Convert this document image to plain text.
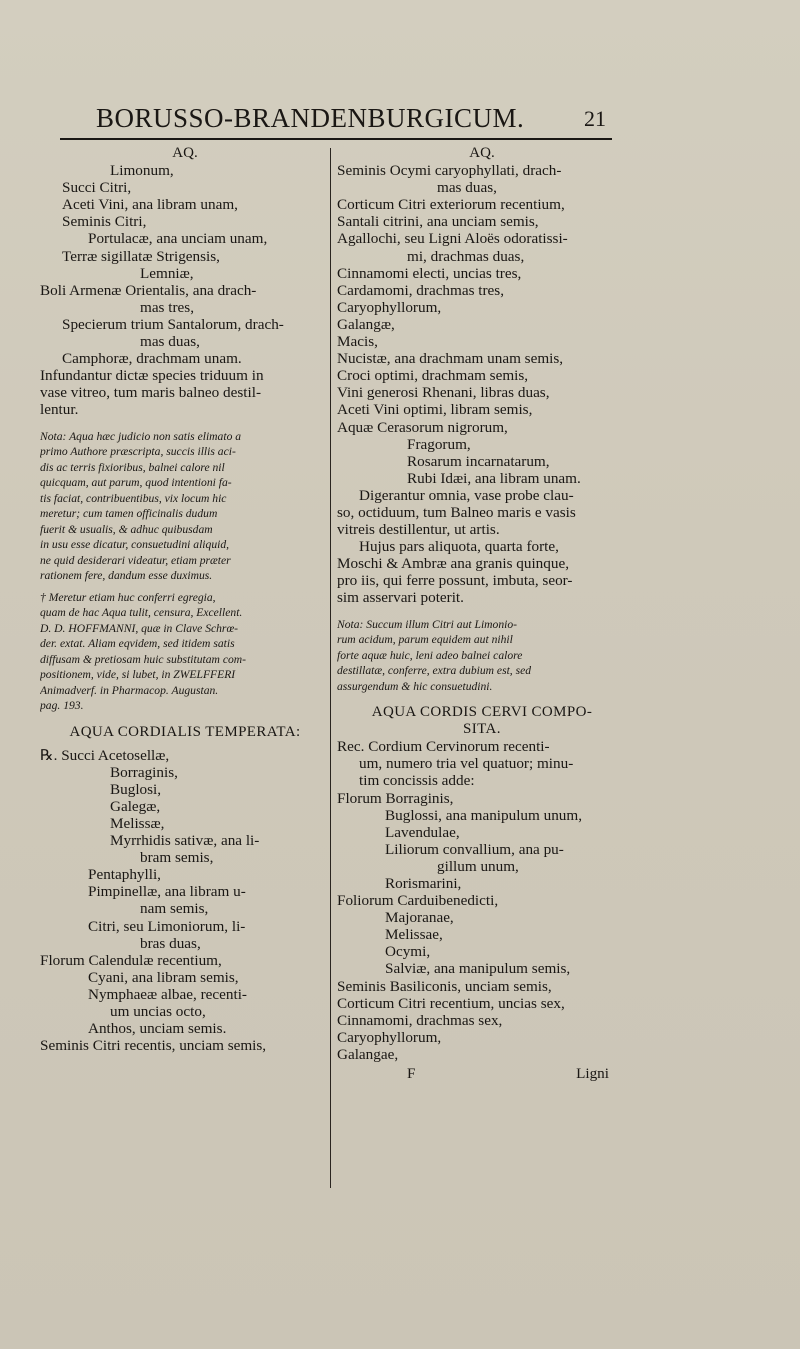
BORUSSO-BRANDENBURGICUM.	21
AQ.
Limonum,
Succi Citri,
Aceti Vini, ana libram unam,
Seminis Citri,
Portulacæ, ana unciam unam,
Terræ sigillatæ Strigensis,
Lemniæ,
Boli Armenæ Orientalis, ana drach-
mas tres,
Specierum trium Santalorum, drach-
mas duas,
Camphoræ, drachmam unam.
Infundantur dictæ species triduum in
vase vitreo, tum maris balneo destil-
lentur.
Nota: Aqua hæc judicio non satis elimato a
primo Authore præscripta, succis illis aci-
dis ac terris fixioribus, balnei calore nil
quicquam, aut parum, quod intentioni fa-
tis faciat, contribuentibus, vix locum hic
meretur; cum tamen officinalis dudum
fuerit & usualis, & adhuc quibusdam
in usu esse dicatur, consuetudini aliquid,
ne quid desiderari videatur, etiam præter
rationem fere, dandum esse duximus.
† Meretur etiam huc conferri egregia,
quam de hac Aqua tulit, censura, Excellent.
D. D. HOFFMANNI, quæ in Clave Schrœ-
der. extat. Aliam eqvidem, sed itidem satis
diffusam & pretiosam huic substitutam com-
positionem, vide, si lubet, in ZWELFFERI
Animadverf. in Pharmacop. Augustan.
pag. 193.
AQUA CORDIALIS TEMPERATA:
℞. Succi Acetosellæ,
Borraginis,
Buglosi,
Galegæ,
Melissæ,
Myrrhidis sativæ, ana li-
bram semis,
Pentaphylli,
Pimpinellæ, ana libram u-
nam semis,
Citri, seu Limoniorum, li-
bras duas,
Florum Calendulæ recentium,
Cyani, ana libram semis,
Nymphaeæ albae, recenti-
um uncias octo,
Anthos, unciam semis.
Seminis Citri recentis, unciam semis,
AQ.
Seminis Ocymi caryophyllati, drach-
mas duas,
Corticum Citri exteriorum recentium,
Santali citrini, ana unciam semis,
Agallochi, seu Ligni Aloës odoratissi-
mi, drachmas duas,
Cinnamomi electi, uncias tres,
Cardamomi, drachmas tres,
Caryophyllorum,
Galangæ,
Macis,
Nucistæ, ana drachmam unam semis,
Croci optimi, drachmam semis,
Vini generosi Rhenani, libras duas,
Aceti Vini optimi, libram semis,
Aquæ Cerasorum nigrorum,
Fragorum,
Rosarum incarnatarum,
Rubi Idæi, ana libram unam.
Digerantur omnia, vase probe clau-
so, octiduum, tum Balneo maris e vasis
vitreis destillentur, ut artis.
Hujus pars aliquota, quarta forte,
Moschi & Ambræ ana granis quinque,
pro iis, qui ferre possunt, imbuta, seor-
sim asservari poterit.
Nota: Succum illum Citri aut Limonio-
rum acidum, parum equidem aut nihil
forte aquæ huic, leni adeo balnei calore
destillatæ, conferre, extra dubium est, sed
assurgendum & hic consuetudini.
AQUA CORDIS CERVI COMPO-
SITA.
Rec. Cordium Cervinorum recenti-
um, numero tria vel quatuor; minu-
tim concissis adde:
Florum Borraginis,
Buglossi, ana manipulum unum,
Lavendulae,
Liliorum convallium, ana pu-
gillum unum,
Rorismarini,
Foliorum Carduibenedicti,
Majoranae,
Melissae,
Ocymi,
Salviæ, ana manipulum semis,
Seminis Basiliconis, unciam semis,
Corticum Citri recentium, uncias sex,
Cinnamomi, drachmas sex,
Caryophyllorum,
Galangae,
F	Ligni
